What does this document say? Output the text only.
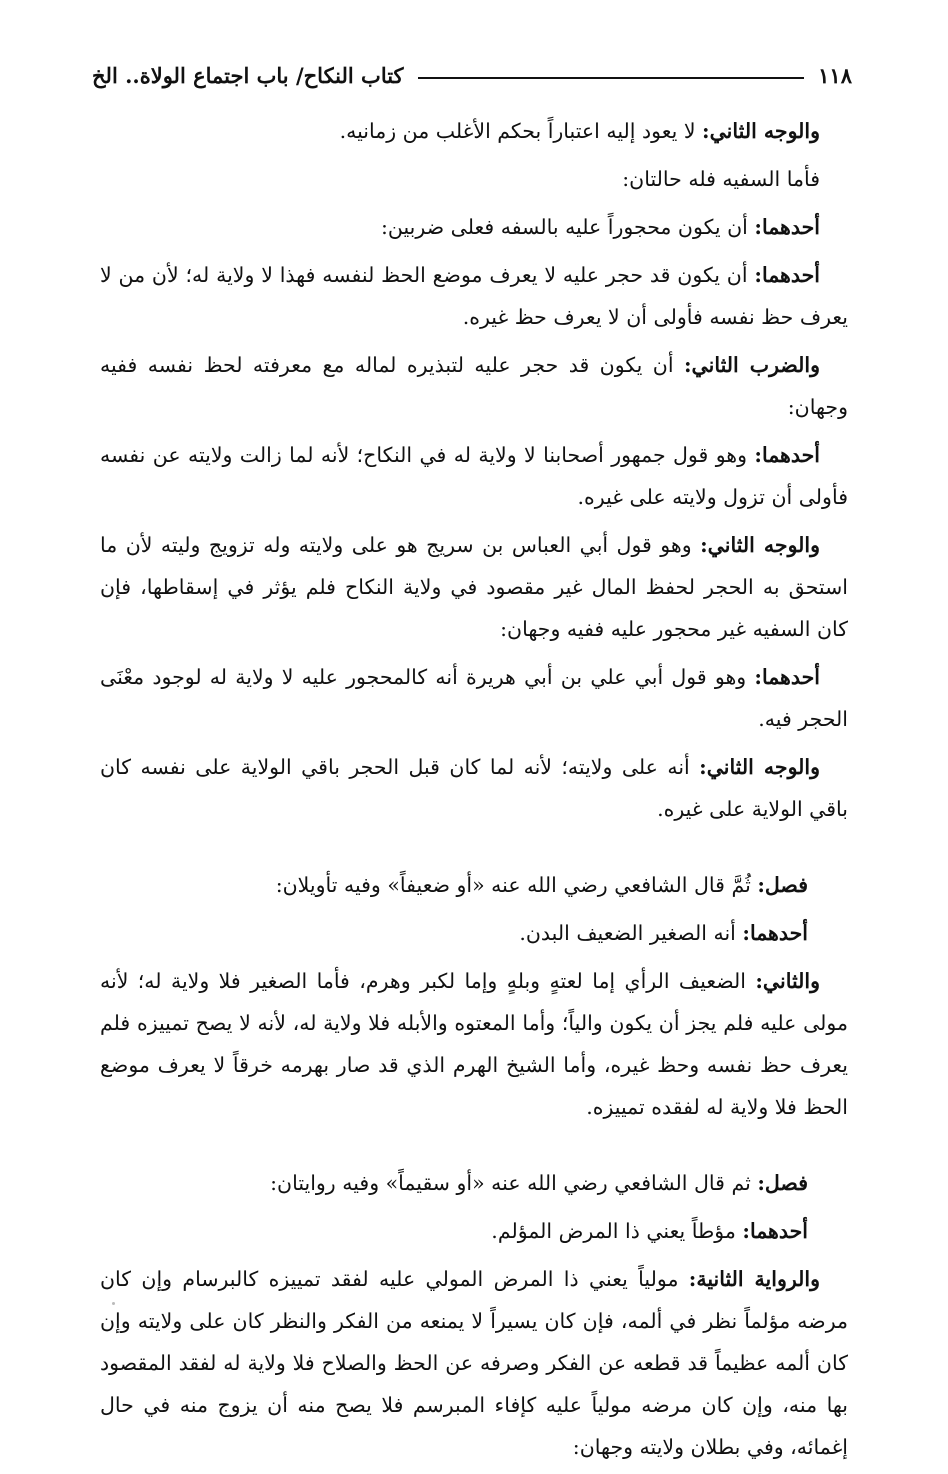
١١٨
كتاب النكاح/ باب اجتماع الولاة.. الخ

والوجه الثاني: لا يعود إليه اعتباراً بحكم الأغلب من زمانيه.

فأما السفيه فله حالتان:

أحدهما: أن يكون محجوراً عليه بالسفه فعلى ضربين:

أحدهما: أن يكون قد حجر عليه لا يعرف موضع الحظ لنفسه فهذا لا ولاية له؛ لأن من لا يعرف حظ نفسه فأولى أن لا يعرف حظ غيره.

والضرب الثاني: أن يكون قد حجر عليه لتبذيره لماله مع معرفته لحظ نفسه ففيه وجهان:

أحدهما: وهو قول جمهور أصحابنا لا ولاية له في النكاح؛ لأنه لما زالت ولايته عن نفسه فأولى أن تزول ولايته على غيره.

والوجه الثاني: وهو قول أبي العباس بن سريج هو على ولايته وله تزويج وليته لأن ما استحق به الحجر لحفظ المال غير مقصود في ولاية النكاح فلم يؤثر في إسقاطها، فإن كان السفيه غير محجور عليه ففيه وجهان:

أحدهما: وهو قول أبي علي بن أبي هريرة أنه كالمحجور عليه لا ولاية له لوجود معْنَى الحجر فيه.

والوجه الثاني: أنه على ولايته؛ لأنه لما كان قبل الحجر باقي الولاية على نفسه كان باقي الولاية على غيره.

فصل: ثُمَّ قال الشافعي رضي الله عنه «أو ضعيفاً» وفيه تأويلان:

أحدهما: أنه الصغير الضعيف البدن.

والثاني: الضعيف الرأي إما لعتهٍ وبلهٍ وإما لكبر وهرم، فأما الصغير فلا ولاية له؛ لأنه مولى عليه فلم يجز أن يكون والياً؛ وأما المعتوه والأبله فلا ولاية له، لأنه لا يصح تمييزه فلم يعرف حظ نفسه وحظ غيره، وأما الشيخ الهرم الذي قد صار بهرمه خرقاً لا يعرف موضع الحظ فلا ولاية له لفقده تمييزه.

فصل: ثم قال الشافعي رضي الله عنه «أو سقيماً» وفيه روايتان:

أحدهما: مؤطاً يعني ذا المرض المؤلم.

والرواية الثانية: مولياً يعني ذا المرض المولي عليه لفقد تمييزه كالبرسام وإن كان مرضه مؤلماً نظر في ألمه، فإن كان يسيراً لا يمنعه من الفكر والنظر كان على ولايته وإن كان ألمه عظيماً قد قطعه عن الفكر وصرفه عن الحظ والصلاح فلا ولاية له لفقد المقصود بها منه، وإن كان مرضه مولياً عليه كإفاء المبرسم فلا يصح منه أن يزوج منه في حال إغمائه، وفي بطلان ولايته وجهان:
